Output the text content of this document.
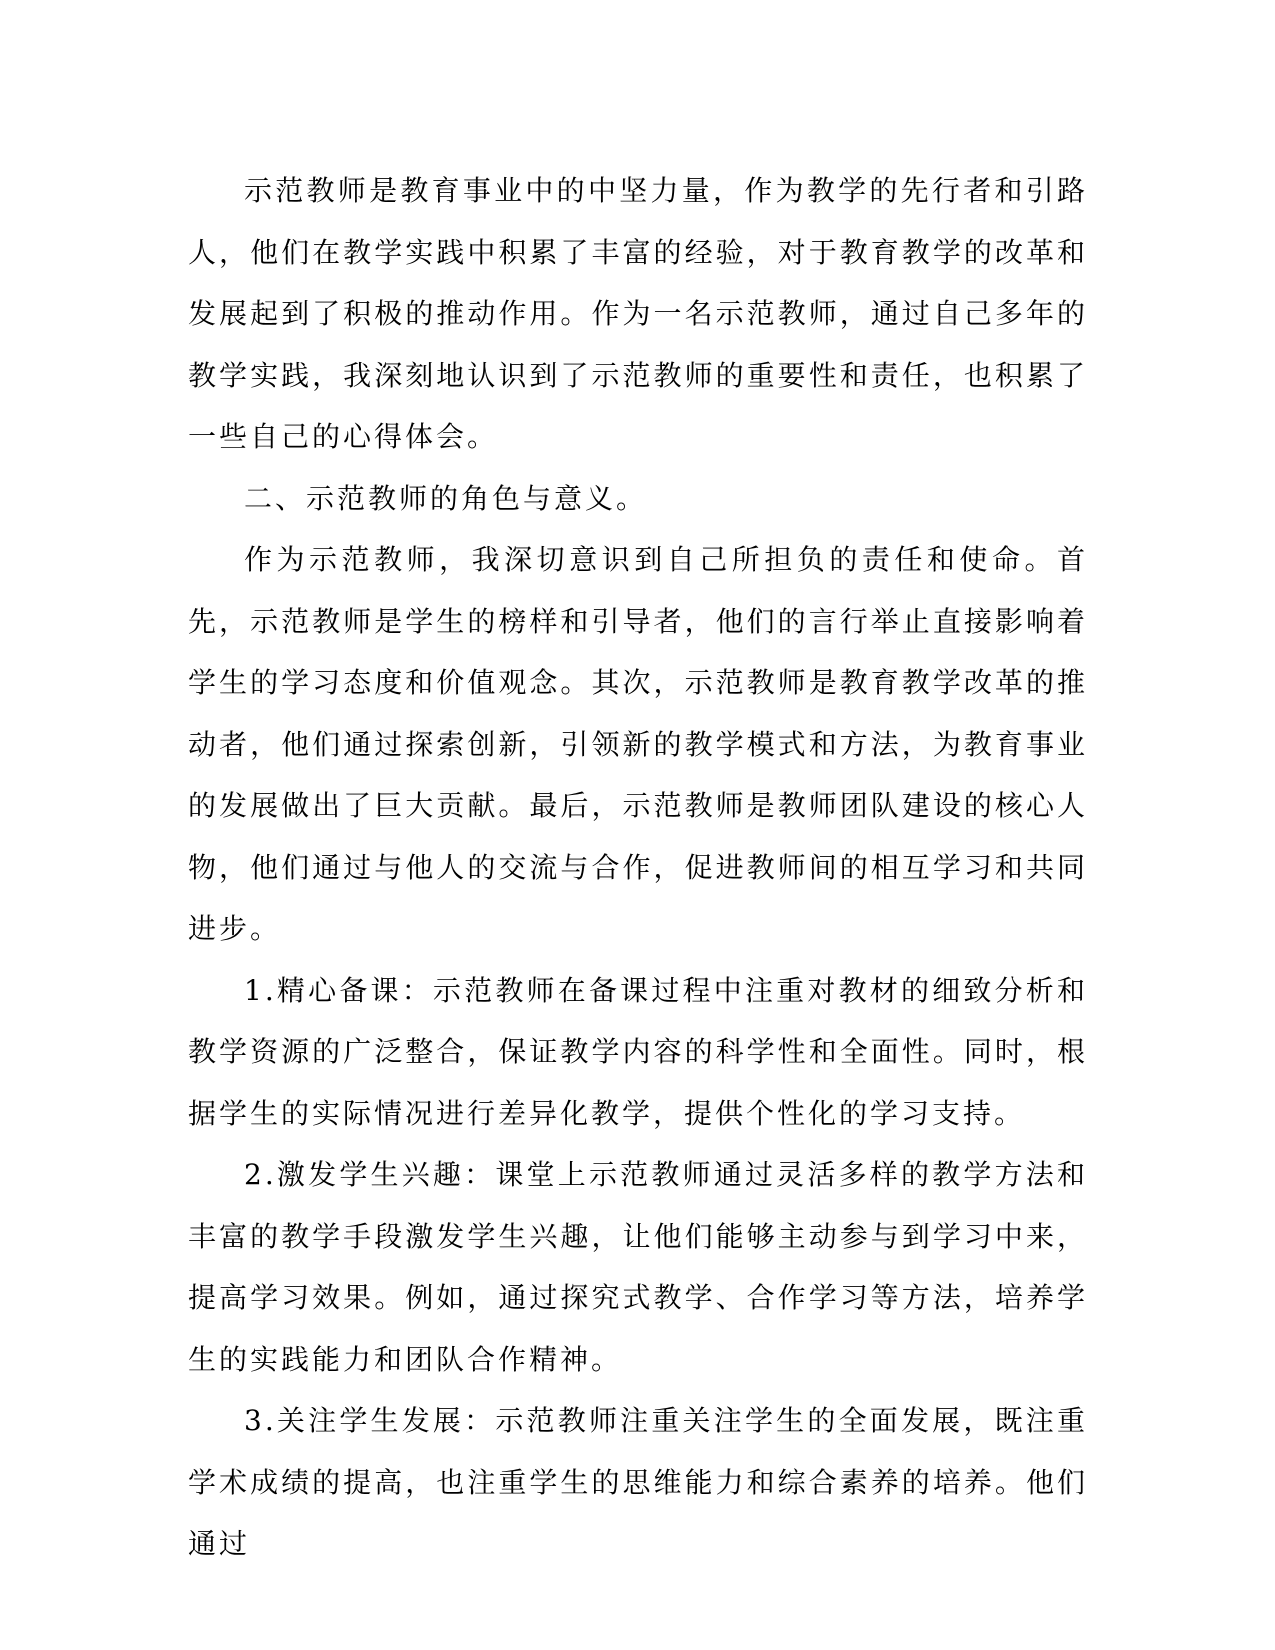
示范教师是教育事业中的中坚力量，作为教学的先行者和引路人，他们在教学实践中积累了丰富的经验，对于教育教学的改革和发展起到了积极的推动作用。作为一名示范教师，通过自己多年的教学实践，我深刻地认识到了示范教师的重要性和责任，也积累了一些自己的心得体会。

二、示范教师的角色与意义。

作为示范教师，我深切意识到自己所担负的责任和使命。首先，示范教师是学生的榜样和引导者，他们的言行举止直接影响着学生的学习态度和价值观念。其次，示范教师是教育教学改革的推动者，他们通过探索创新，引领新的教学模式和方法，为教育事业的发展做出了巨大贡献。最后，示范教师是教师团队建设的核心人物，他们通过与他人的交流与合作，促进教师间的相互学习和共同进步。

1.精心备课：示范教师在备课过程中注重对教材的细致分析和教学资源的广泛整合，保证教学内容的科学性和全面性。同时，根据学生的实际情况进行差异化教学，提供个性化的学习支持。

2.激发学生兴趣：课堂上示范教师通过灵活多样的教学方法和丰富的教学手段激发学生兴趣，让他们能够主动参与到学习中来，提高学习效果。例如，通过探究式教学、合作学习等方法，培养学生的实践能力和团队合作精神。

3.关注学生发展：示范教师注重关注学生的全面发展，既注重学术成绩的提高，也注重学生的思维能力和综合素养的培养。他们通过
